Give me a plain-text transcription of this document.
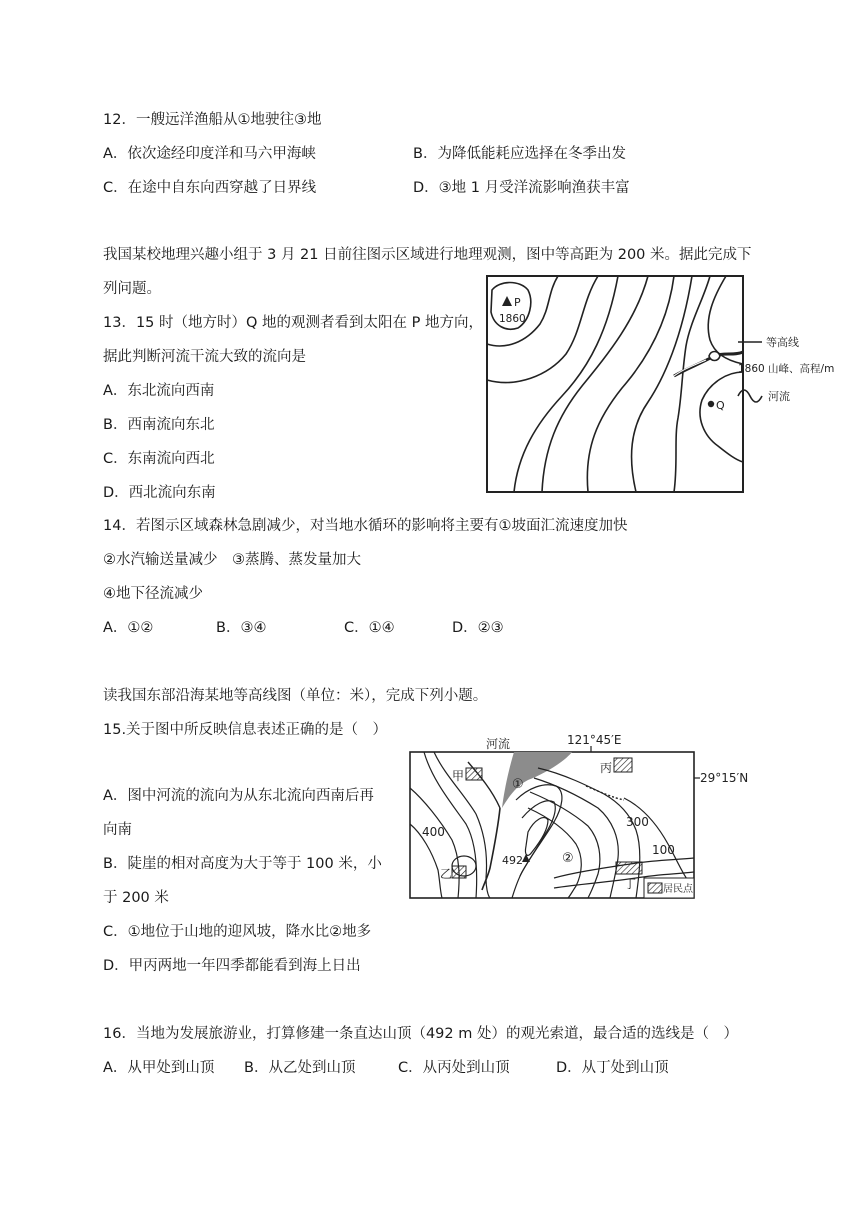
12．一艘远洋渔船从①地驶往③地
A．依次途经印度洋和马六甲海峡	B．为降低能耗应选择在冬季出发
C．在途中自东向西穿越了日界线	D．③地 1 月受洋流影响渔获丰富
我国某校地理兴趣小组于 3 月 21 日前往图示区域进行地理观测，图中等高距为 200 米。据此完成下
列问题。
13．15 时（地方时）Q 地的观测者看到太阳在 P 地方向，
据此判断河流干流大致的流向是
A．东北流向西南
B．西南流向东北
C．东南流向西北
D．西北流向东南
P
1860
Q
等高线
1860 山峰、高程/m
河流
14．若图示区域森林急剧减少，对当地水循环的影响将主要有①坡面汇流速度加快
②水汽输送量减少　③蒸腾、蒸发量加大
④地下径流减少
A．①②	B．③④	C．①④	D．②③
读我国东部沿海某地等高线图（单位：米），完成下列小题。
15.关于图中所反映信息表述正确的是（　）
A．图中河流的流向为从东北流向西南后再
向南
B．陡崖的相对高度为大于等于 100 米，小
于 200 米
C．①地位于山地的迎风坡，降水比②地多
D．甲丙两地一年四季都能看到海上日出
121°45′E
29°15′N
河流
400
300
100
492
①
②
甲
乙
丙
丁	居民点
16．当地为发展旅游业，打算修建一条直达山顶（492 m 处）的观光索道，最合适的选线是（　）
A．从甲处到山顶 B．从乙处到山顶	C．从丙处到山顶	D．从丁处到山顶
